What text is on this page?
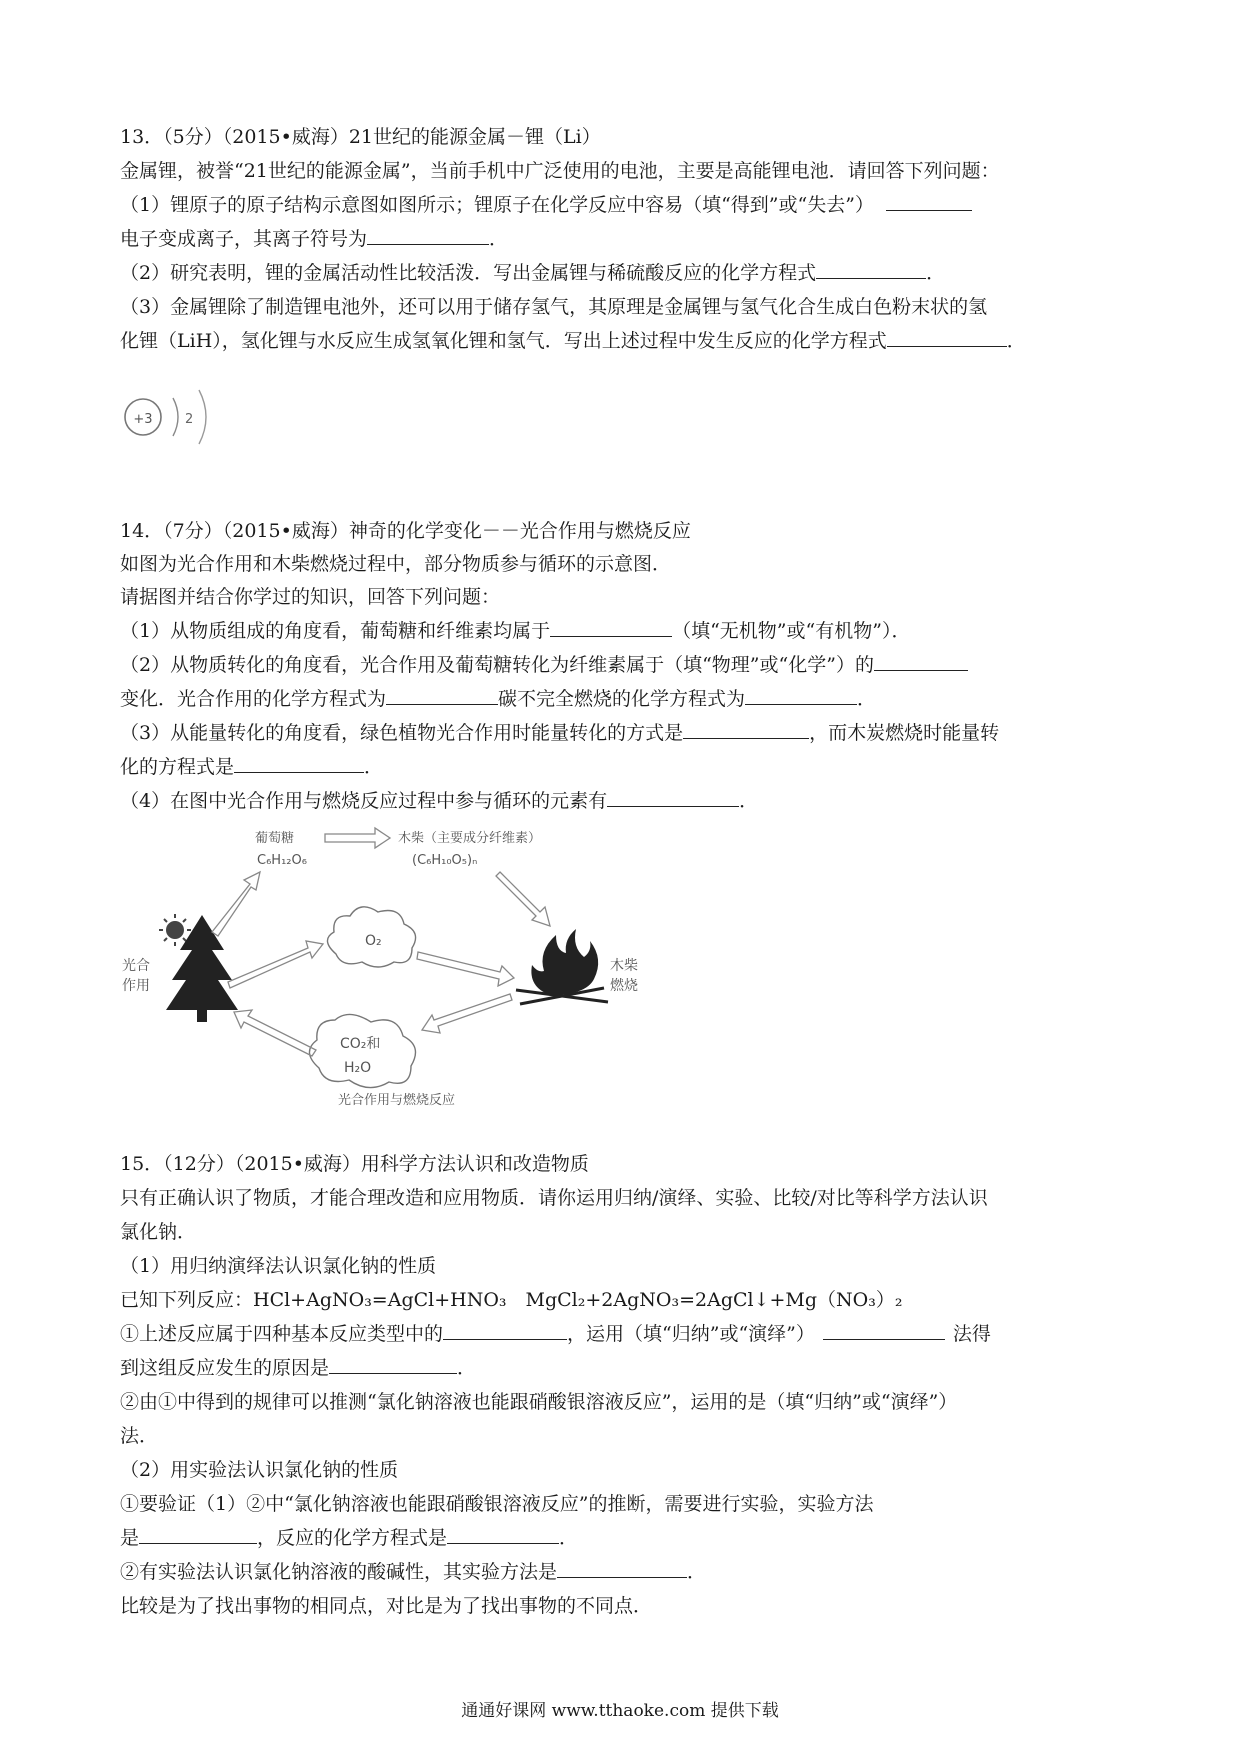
13．（5分）（2015•威海）21世纪的能源金属－锂（Li）
金属锂，被誉“21世纪的能源金属”，当前手机中广泛使用的电池，主要是高能锂电池．请回答下列问题：
（1）锂原子的原子结构示意图如图所示；锂原子在化学反应中容易（填“得到”或“失去”）
电子变成离子，其离子符号为	．
（2）研究表明，锂的金属活动性比较活泼．写出金属锂与稀硫酸反应的化学方程式	．
（3）金属锂除了制造锂电池外，还可以用于储存氢气，其原理是金属锂与氢气化合生成白色粉末状的氢
化锂（LiH），氢化锂与水反应生成氢氧化锂和氢气．写出上述过程中发生反应的化学方程式	．
+3 2
14．（7分）（2015•威海）神奇的化学变化－－光合作用与燃烧反应
如图为光合作用和木柴燃烧过程中，部分物质参与循环的示意图．
请据图并结合你学过的知识，回答下列问题：
（1）从物质组成的角度看，葡萄糖和纤维素均属于	（填“无机物”或“有机物”）．
（2）从物质转化的角度看，光合作用及葡萄糖转化为纤维素属于（填“物理”或“化学”）的
变化．光合作用的化学方程式为	碳不完全燃烧的化学方程式为	．
（3）从能量转化的角度看，绿色植物光合作用时能量转化的方式是	，而木炭燃烧时能量转
化的方程式是	．
（4）在图中光合作用与燃烧反应过程中参与循环的元素有	．
葡萄糖
C₆H₁₂O₆
木柴（主要成分纤维素）
(C₆H₁₀O₅)ₙ
光合
作用
O₂
CO₂和
H₂O
木柴
燃烧
光合作用与燃烧反应
15．（12分）（2015•威海）用科学方法认识和改造物质
只有正确认识了物质，才能合理改造和应用物质．请你运用归纳/演绎、实验、比较/对比等科学方法认识
氯化钠．
（1）用归纳演绎法认识氯化钠的性质
已知下列反应：HCl+AgNO₃=AgCl+HNO₃　MgCl₂+2AgNO₃=2AgCl↓+Mg（NO₃）₂
①上述反应属于四种基本反应类型中的	，运用（填“归纳”或“演绎”）	法得
到这组反应发生的原因是	．
②由①中得到的规律可以推测“氯化钠溶液也能跟硝酸银溶液反应”，运用的是（填“归纳”或“演绎”）
法．
（2）用实验法认识氯化钠的性质
①要验证（1）②中“氯化钠溶液也能跟硝酸银溶液反应”的推断，需要进行实验，实验方法
是	，反应的化学方程式是	．
②有实验法认识氯化钠溶液的酸碱性，其实验方法是	．
比较是为了找出事物的相同点，对比是为了找出事物的不同点．
通通好课网 www.tthaoke.com 提供下载
